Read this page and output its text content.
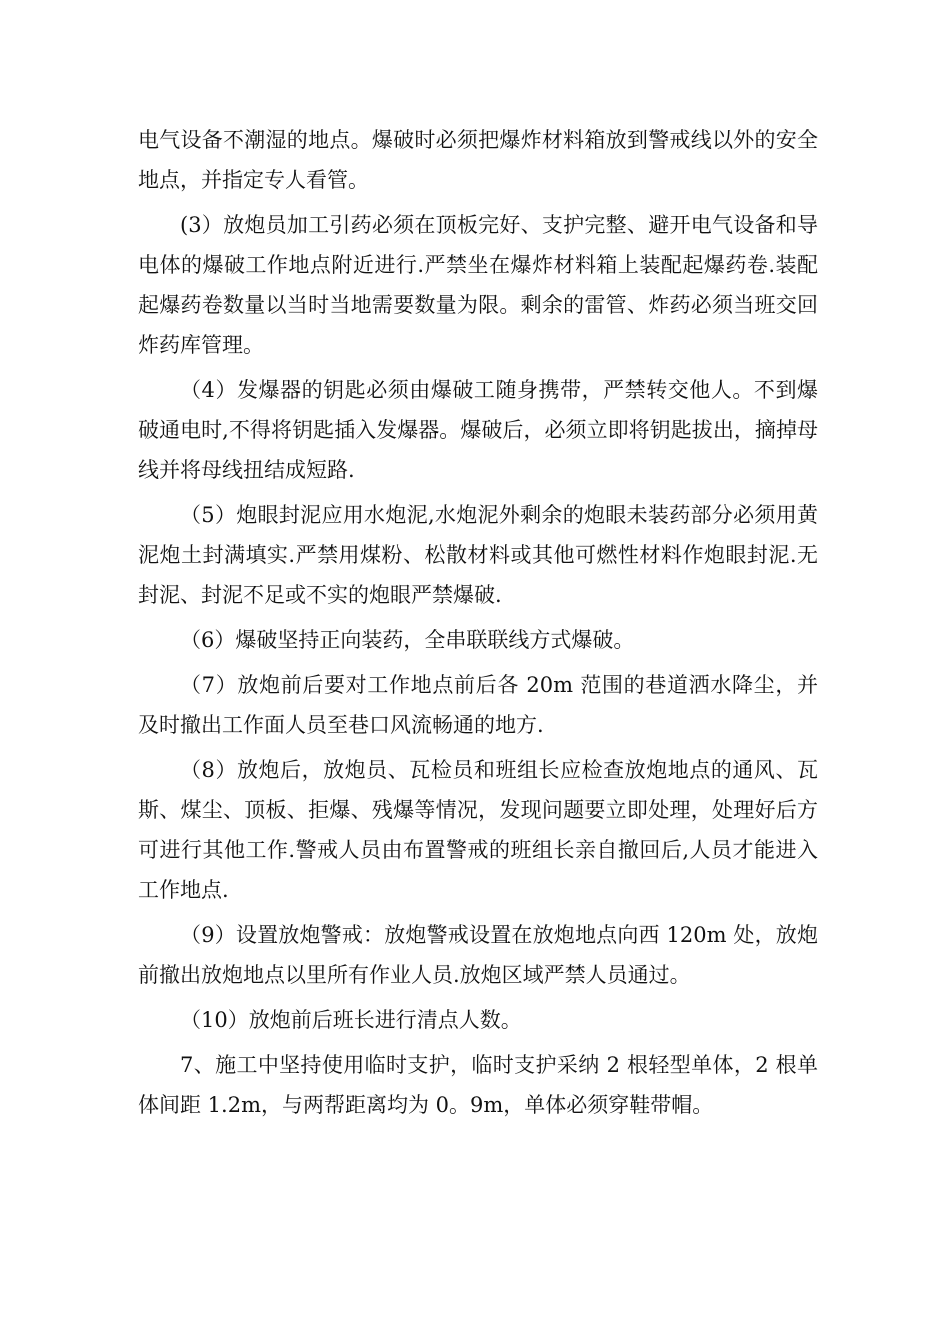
电气设备不潮湿的地点。爆破时必须把爆炸材料箱放到警戒线以外的安全地点，并指定专人看管。

(3）放炮员加工引药必须在顶板完好、支护完整、避开电气设备和导电体的爆破工作地点附近进行.严禁坐在爆炸材料箱上装配起爆药卷.装配起爆药卷数量以当时当地需要数量为限。剩余的雷管、炸药必须当班交回炸药库管理。

（4）发爆器的钥匙必须由爆破工随身携带，严禁转交他人。不到爆破通电时,不得将钥匙插入发爆器。爆破后，必须立即将钥匙拔出，摘掉母线并将母线扭结成短路.

（5）炮眼封泥应用水炮泥,水炮泥外剩余的炮眼未装药部分必须用黄泥炮土封满填实.严禁用煤粉、松散材料或其他可燃性材料作炮眼封泥.无封泥、封泥不足或不实的炮眼严禁爆破.

（6）爆破坚持正向装药，全串联联线方式爆破。

（7）放炮前后要对工作地点前后各 20m 范围的巷道洒水降尘，并及时撤出工作面人员至巷口风流畅通的地方.

（8）放炮后，放炮员、瓦检员和班组长应检查放炮地点的通风、瓦斯、煤尘、顶板、拒爆、残爆等情况，发现问题要立即处理，处理好后方可进行其他工作.警戒人员由布置警戒的班组长亲自撤回后,人员才能进入工作地点.

（9）设置放炮警戒：放炮警戒设置在放炮地点向西 120m 处，放炮前撤出放炮地点以里所有作业人员.放炮区域严禁人员通过。

（10）放炮前后班长进行清点人数。

7、施工中坚持使用临时支护，临时支护采纳 2 根轻型单体，2 根单体间距 1.2m，与两帮距离均为 0。9m，单体必须穿鞋带帽。
